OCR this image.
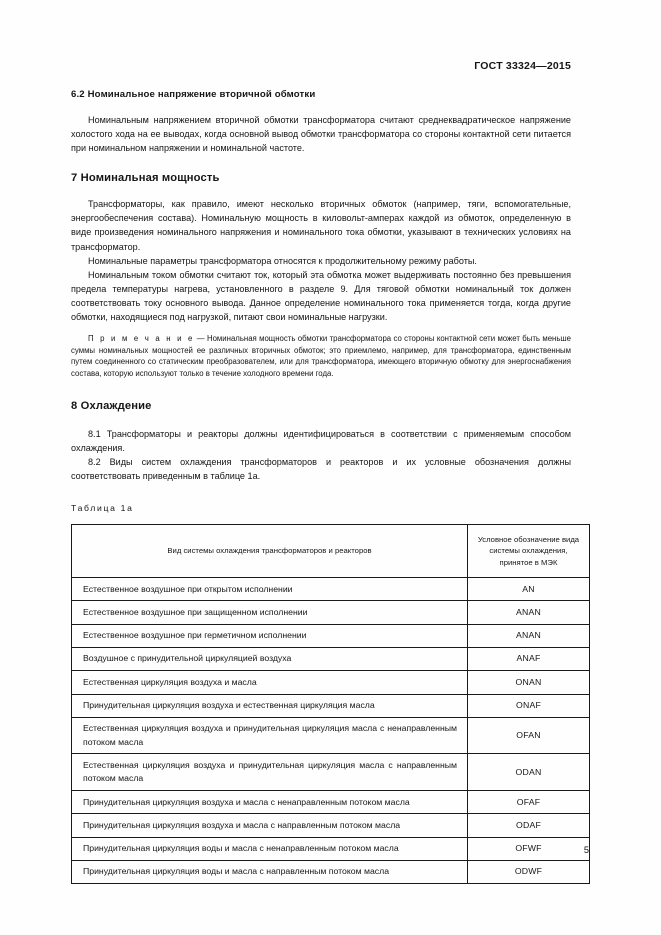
ГОСТ 33324—2015
6.2 Номинальное напряжение вторичной обмотки

Номинальным напряжением вторичной обмотки трансформатора считают среднеквадратическое напряжение холостого хода на ее выводах, когда основной вывод обмотки трансформатора со стороны контактной сети питается при номинальном напряжении и номинальной частоте.

7 Номинальная мощность

Трансформаторы, как правило, имеют несколько вторичных обмоток (например, тяги, вспомогательные, энергообеспечения состава). Номинальную мощность в киловольт-амперах каждой из обмоток, определенную в виде произведения номинального напряжения и номинального тока обмотки, указывают в технических условиях на трансформатор.

Номинальные параметры трансформатора относятся к продолжительному режиму работы.

Номинальным током обмотки считают ток, который эта обмотка может выдерживать постоянно без превышения предела температуры нагрева, установленного в разделе 9. Для тяговой обмотки номинальный ток должен соответствовать току основного вывода. Данное определение номинального тока применяется тогда, когда другие обмотки, находящиеся под нагрузкой, питают свои номинальные нагрузки.

П р и м е ч а н и е — Номинальная мощность обмотки трансформатора со стороны контактной сети может быть меньше суммы номинальных мощностей ее различных вторичных обмоток; это приемлемо, например, для трансформатора, единственным путем соединенного со статическим преобразователем, или для трансформатора, имеющего вторичную обмотку для энергоснабжения состава, которую используют только в течение холодного времени года.

8 Охлаждение

8.1 Трансформаторы и реакторы должны идентифицироваться в соответствии с применяемым способом охлаждения.

8.2 Виды систем охлаждения трансформаторов и реакторов и их условные обозначения должны соответствовать приведенным в таблице 1а.

Таблица 1а

Вид системы охлаждения трансформаторов и реакторов	Условное обозначение вида системы охлаждения, принятое в МЭК
Естественное воздушное при открытом исполнении	AN
Естественное воздушное при защищенном исполнении	ANAN
Естественное воздушное при герметичном исполнении	ANAN
Воздушное с принудительной циркуляцией воздуха	ANAF
Естественная циркуляция воздуха и масла	ONAN
Принудительная циркуляция воздуха и естественная циркуляция масла	ONAF
Естественная циркуляция воздуха и принудительная циркуляция масла с ненаправленным потоком масла	OFAN
Естественная циркуляция воздуха и принудительная циркуляция масла с направленным потоком масла	ODAN
Принудительная циркуляция воздуха и масла с ненаправленным потоком масла	OFAF
Принудительная циркуляция воздуха и масла с направленным потоком масла	ODAF
Принудительная циркуляция воды и масла с ненаправленным потоком масла	OFWF
Принудительная циркуляция воды и масла с направленным потоком масла	ODWF
5
